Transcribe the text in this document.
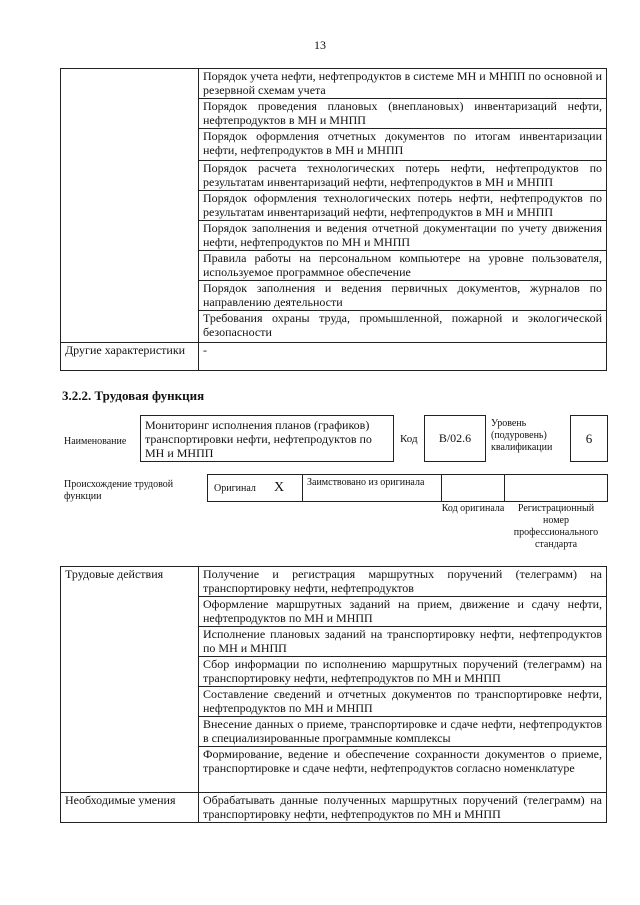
13
	Порядок учета нефти, нефтепродуктов в системе МН и МНПП по основной и резервной схемам учета
	Порядок проведения плановых (внеплановых) инвентаризаций нефти, нефтепродуктов в МН и МНПП
	Порядок оформления отчетных документов по итогам инвентаризации нефти, нефтепродуктов в МН и МНПП
	Порядок расчета технологических потерь нефти, нефтепродуктов по результатам инвентаризаций нефти, нефтепродуктов в МН и МНПП
	Порядок оформления технологических потерь нефти, нефтепродуктов по результатам инвентаризаций нефти, нефтепродуктов в МН и МНПП
	Порядок заполнения и ведения отчетной документации по учету движения нефти, нефтепродуктов по МН и МНПП
	Правила работы на персональном компьютере на уровне пользователя, используемое программное обеспечение
	Порядок заполнения и ведения первичных документов, журналов по направлению деятельности
	Требования охраны труда, промышленной, пожарной и экологической безопасности
Другие характеристики	-
3.2.2. Трудовая функция
Наименование
Мониторинг исполнения планов (графиков) транспортировки нефти, нефтепродуктов по МН и МНПП
Код	B/02.6
Уровень (подуровень) квалификации
6
Происхождение трудовой функции
Оригинал X	Заимствовано из оригинала
Код оригинала	Регистрационный номер профессионального стандарта
Трудовые действия	Получение и регистрация маршрутных поручений (телеграмм) на транспортировку нефти, нефтепродуктов
	Оформление маршрутных заданий на прием, движение и сдачу нефти, нефтепродуктов по МН и МНПП
	Исполнение плановых заданий на транспортировку нефти, нефтепродуктов по МН и МНПП
	Сбор информации по исполнению маршрутных поручений (телеграмм) на транспортировку нефти, нефтепродуктов по МН и МНПП
	Составление сведений и отчетных документов по транспортировке нефти, нефтепродуктов по МН и МНПП
	Внесение данных о приеме, транспортировке и сдаче нефти, нефтепродуктов в специализированные программные комплексы
	Формирование, ведение и обеспечение сохранности документов о приеме, транспортировке и сдаче нефти, нефтепродуктов согласно номенклатуре
Необходимые умения	Обрабатывать данные полученных маршрутных поручений (телеграмм) на транспортировку нефти, нефтепродуктов по МН и МНПП
